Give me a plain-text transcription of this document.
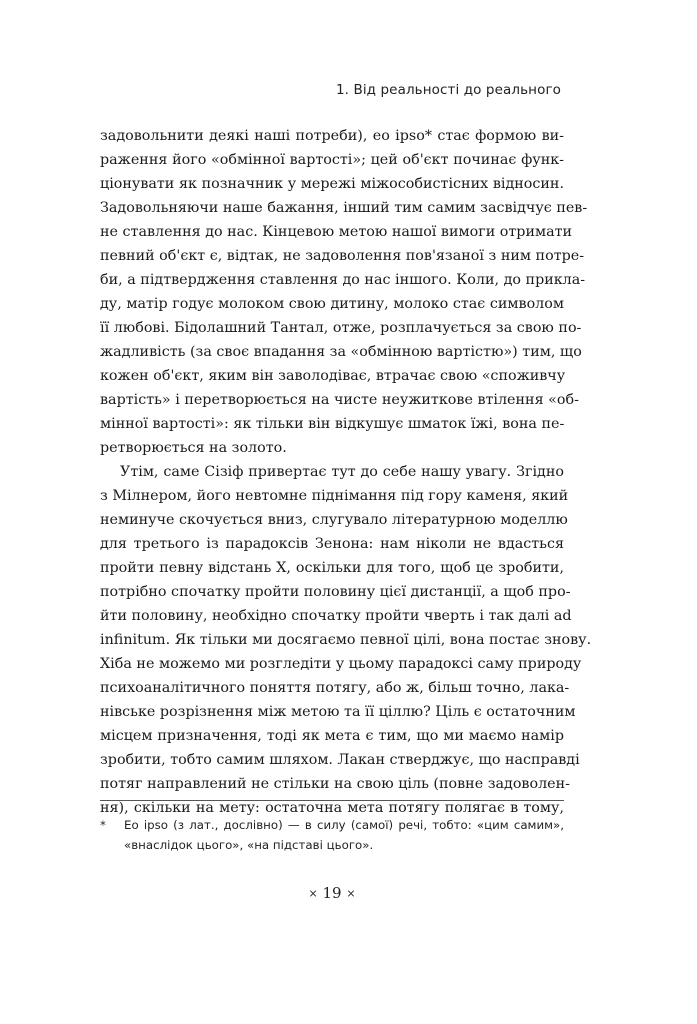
1. Від реальності до реального
задовольнити деякі наші потреби), eo ipso* стає формою ви-
раження його «обмінної вартості»; цей об'єкт починає функ-
ціонувати як позначник у мережі міжособистісних відносин.
Задовольняючи наше бажання, інший тим самим засвідчує пев-
не ставлення до нас. Кінцевою метою нашої вимоги отримати
певний об'єкт є, відтак, не задоволення пов'язаної з ним потре-
би, а підтвердження ставлення до нас іншого. Коли, до приклa-
ду, матір годує молоком свою дитину, молоко стає символом
її любові. Бідолашний Тантал, отже, розплачується за свою по-
жадливість (за своє впадання за «обмінною вартістю») тим, що
кожен об'єкт, яким він заволодіває, втрачає свою «споживчу
вартість» і перетворюється на чисте неужиткове втілення «об-
мінної вартості»: як тільки він відкушує шматок їжі, вона пе-
ретворюється на золото.
Утім, саме Сізіф привертає тут до себе нашу увагу. Згідно
з Мілнером, його невтомне піднімання під гору каменя, який
неминуче скочується вниз, слугувало літературною моделлю
для третього із парадоксів Зенона: нам ніколи не вдасться
пройти певну відстань X, оскільки для того, щоб це зробити,
потрібно спочатку пройти половину цієї дистанції, а щоб про-
йти половину, необхідно спочатку пройти чверть і так далі ad
infinitum. Як тільки ми досягаємо певної цілі, вона постає знову.
Хіба не можемо ми розгледіти у цьому парадоксі саму природу
психоаналітичного поняття потягу, або ж, більш точно, лака-
нівське розрізнення між метою та її ціллю? Ціль є остаточним
місцем призначення, тоді як мета є тим, що ми маємо намір
зробити, тобто самим шляхом. Лакан стверджує, що насправді
потяг направлений не стільки на свою ціль (повне задоволен-
ня), скільки на мету: остаточна мета потягу полягає в тому,
* Eo ipso (з лат., дослівно) — в силу (самої) речі, тобто: «цим самим»,
«внаслідок цього», «на підставі цього».
× 19 ×
